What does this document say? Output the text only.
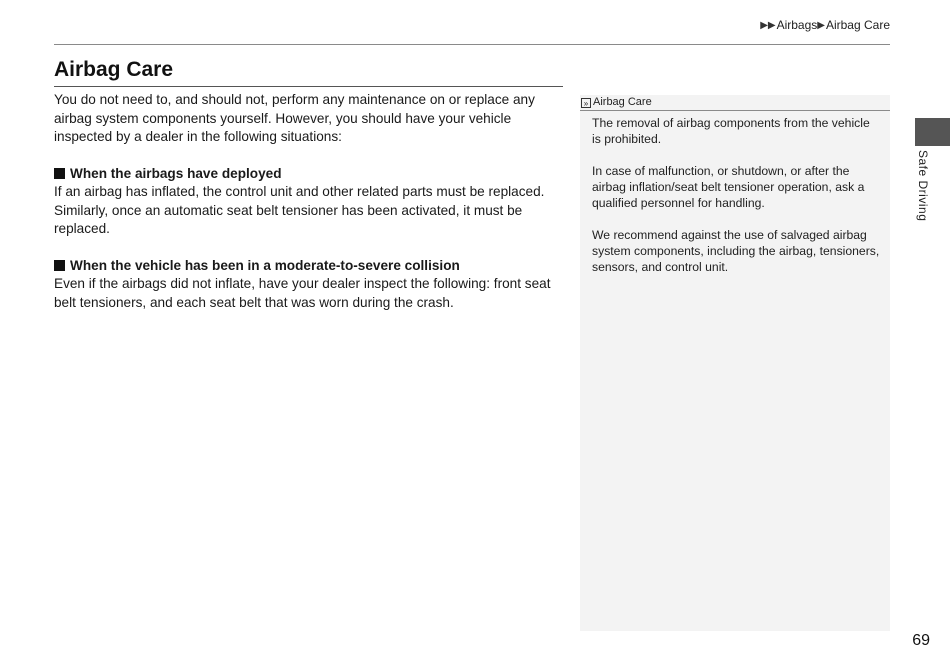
▶▶ Airbags ▶ Airbag Care
Airbag Care

You do not need to, and should not, perform any maintenance on or replace any airbag system components yourself. However, you should have your vehicle inspected by a dealer in the following situations:

When the airbags have deployed

If an airbag has inflated, the control unit and other related parts must be replaced. Similarly, once an automatic seat belt tensioner has been activated, it must be replaced.

When the vehicle has been in a moderate-to-severe collision

Even if the airbags did not inflate, have your dealer inspect the following: front seat belt tensioners, and each seat belt that was worn during the crash.

» Airbag Care

The removal of airbag components from the vehicle is prohibited.

In case of malfunction, or shutdown, or after the airbag inflation/seat belt tensioner operation, ask a qualified personnel for handling.

We recommend against the use of salvaged airbag system components, including the airbag, tensioners, sensors, and control unit.

Safe Driving
69
